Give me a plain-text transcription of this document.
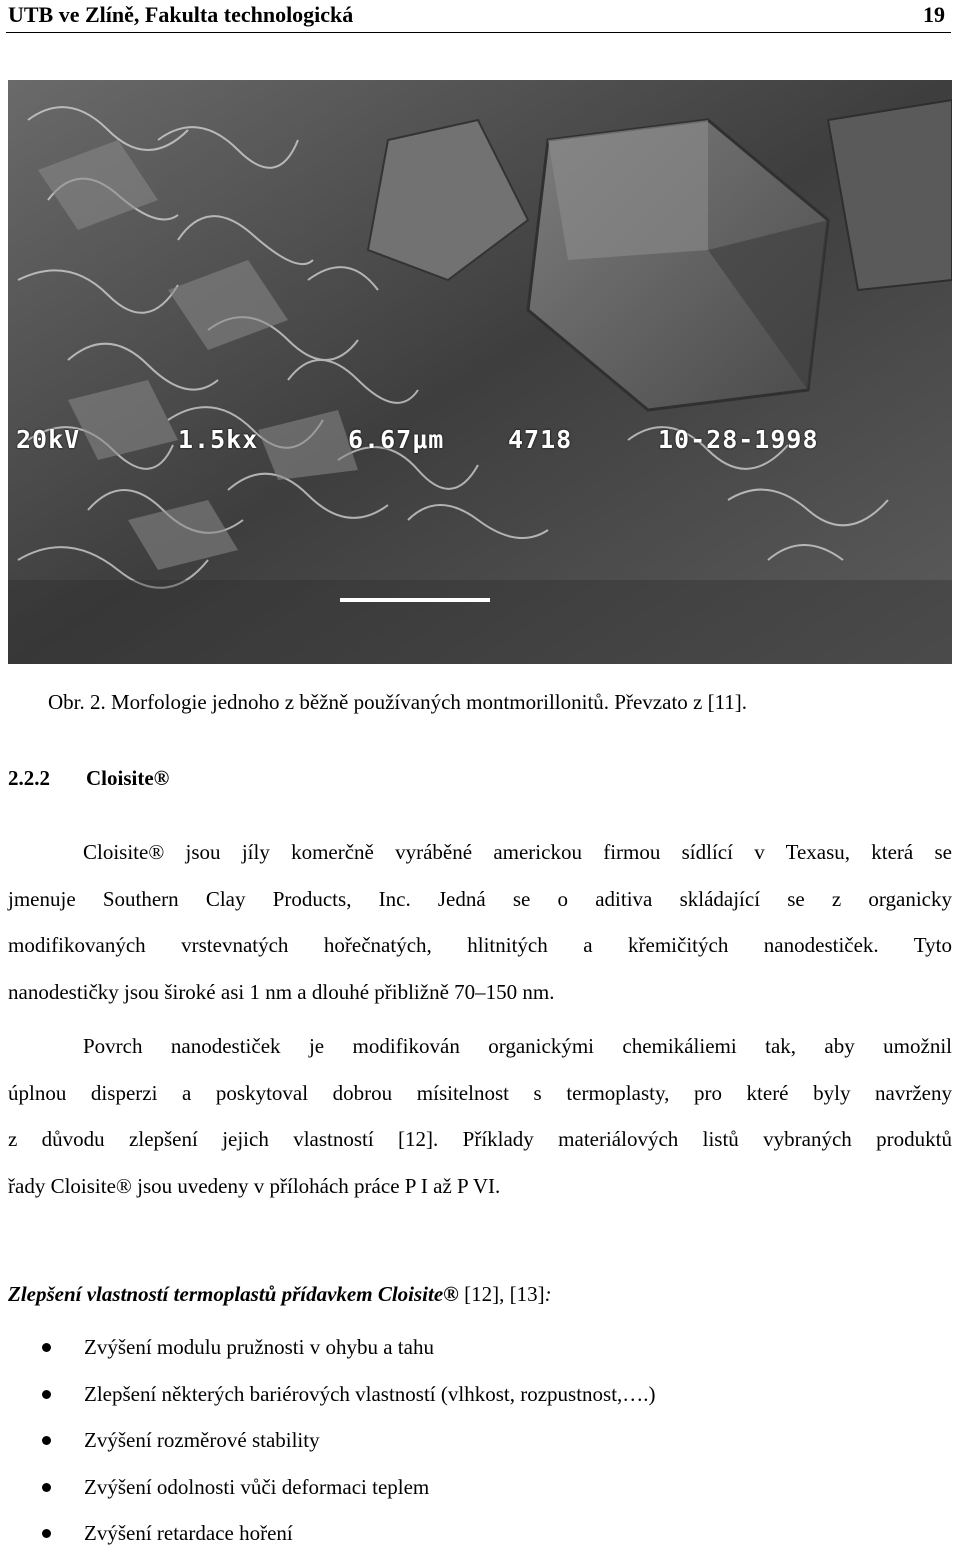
UTB ve Zlíně, Fakulta technologická	19

20kV

	1.5kx

	6.67μm

	4718

	10-28-1998

Obr. 2. Morfologie jednoho z běžně používaných montmorillonitů. Převzato z [11].
2.2.2 Cloisite®
Cloisite® jsou jíly komerčně vyráběné americkou firmou sídlící v Texasu, která se
jmenuje Southern Clay Products, Inc. Jedná se o aditiva skládající se z organicky
modifikovaných vrstevnatých hořečnatých, hlitnitých a křemičitých nanodestiček. Tyto
nanodestičky jsou široké asi 1 nm a dlouhé přibližně 70–150 nm.
Povrch nanodestiček je modifikován organickými chemikáliemi tak, aby umožnil
úplnou disperzi a poskytoval dobrou mísitelnost s termoplasty, pro které byly navrženy
z důvodu zlepšení jejich vlastností [12]. Příklady materiálových listů vybraných produktů
řady Cloisite® jsou uvedeny v přílohách práce P I až P VI.
Zlepšení vlastností termoplastů přídavkem Cloisite® [12], [13]:
Zvýšení modulu pružnosti v ohybu a tahu
Zlepšení některých bariérových vlastností (vlhkost, rozpustnost,….)
Zvýšení rozměrové stability
Zvýšení odolnosti vůči deformaci teplem
Zvýšení retardace hoření
